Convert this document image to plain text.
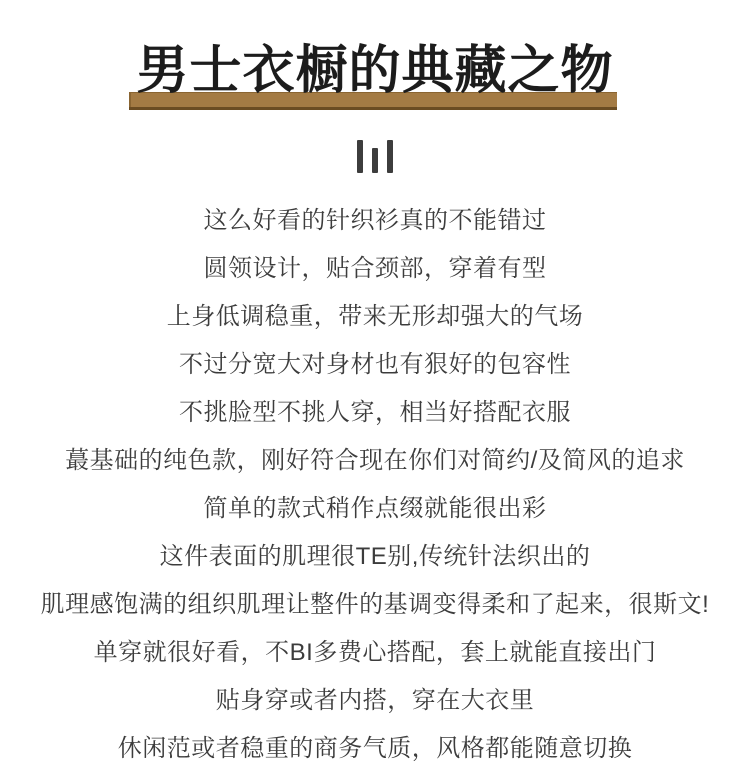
男士衣橱的典藏之物

这么好看的针织衫真的不能错过

圆领设计，贴合颈部，穿着有型

上身低调稳重，带来无形却强大的气场

不过分宽大对身材也有狠好的包容性

不挑脸型不挑人穿，相当好搭配衣服

蕞基础的纯色款，刚好符合现在你们对简约/及简风的追求

简单的款式稍作点缀就能很出彩

这件表面的肌理很TE别,传统针法织出的

肌理感饱满的组织肌理让整件的基调变得柔和了起来，很斯文!

单穿就很好看，不BI多费心搭配，套上就能直接出门

贴身穿或者内搭，穿在大衣里

休闲范或者稳重的商务气质，风格都能随意切换
